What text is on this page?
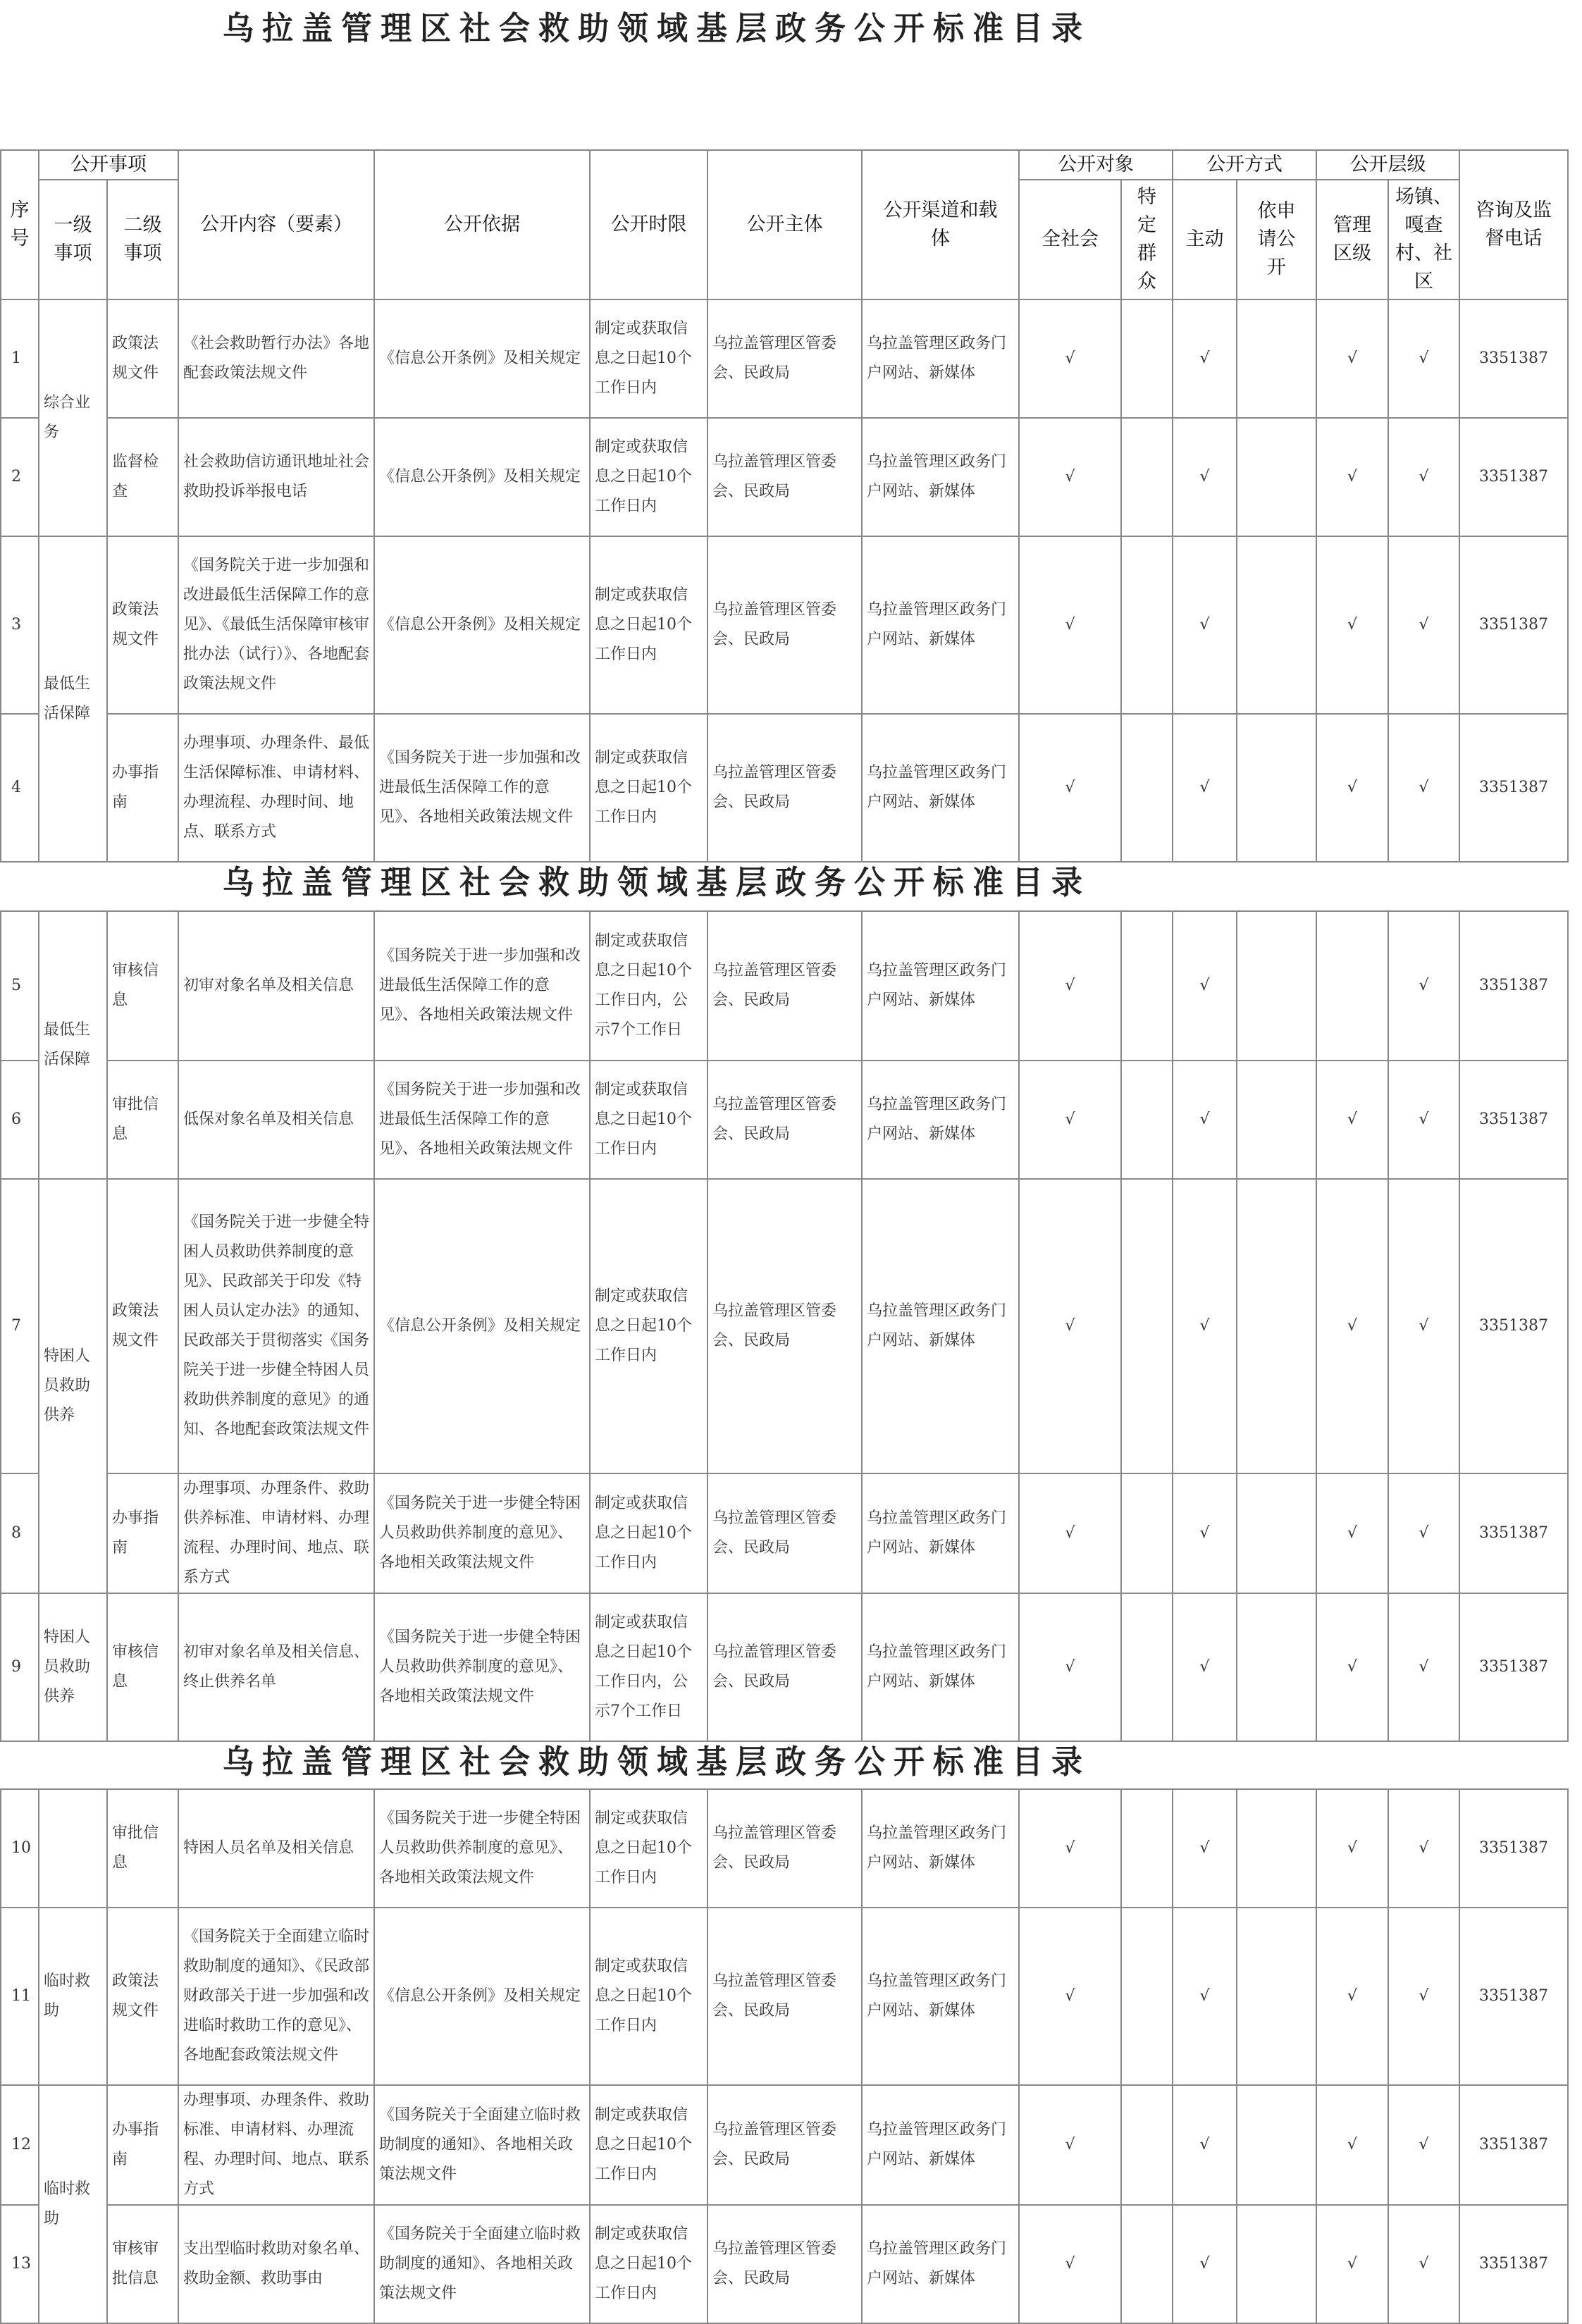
乌拉盖管理区社会救助领域基层政务公开标准目录
乌拉盖管理区社会救助领域基层政务公开标准目录
乌拉盖管理区社会救助领域基层政务公开标准目录
序号	公开事项		公开内容（要素）	公开依据	公开时限	公开主体	公开渠道和载体	公开对象		公开方式		公开层级		咨询及监督电话
	一级事项	二级事项						全社会	特定群众	主动	依申请公开	管理区级	场镇、嘎查村、社区	

1	综合业务	政策法规文件	《社会救助暂行办法》各地配套政策法规文件	《信息公开条例》及相关规定	制定或获取信息之日起10个工作日内	乌拉盖管理区管委会、民政局	乌拉盖管理区政务门户网站、新媒体	√		√		√	√	3351387
2		监督检查	社会救助信访通讯地址社会救助投诉举报电话	《信息公开条例》及相关规定	制定或获取信息之日起10个工作日内	乌拉盖管理区管委会、民政局	乌拉盖管理区政务门户网站、新媒体	√		√		√	√	3351387
3	最低生活保障	政策法规文件	《国务院关于进一步加强和改进最低生活保障工作的意见》、《最低生活保障审核审批办法（试行）》、各地配套政策法规文件	《信息公开条例》及相关规定	制定或获取信息之日起10个工作日内	乌拉盖管理区管委会、民政局	乌拉盖管理区政务门户网站、新媒体	√		√		√	√	3351387
4		办事指南	办理事项、办理条件、最低生活保障标准、申请材料、办理流程、办理时间、地点、联系方式	《国务院关于进一步加强和改进最低生活保障工作的意见》、各地相关政策法规文件	制定或获取信息之日起10个工作日内	乌拉盖管理区管委会、民政局	乌拉盖管理区政务门户网站、新媒体	√		√		√	√	3351387
5	最低生活保障	审核信息	初审对象名单及相关信息	《国务院关于进一步加强和改进最低生活保障工作的意见》、各地相关政策法规文件	制定或获取信息之日起10个工作日内，公示7个工作日	乌拉盖管理区管委会、民政局	乌拉盖管理区政务门户网站、新媒体	√		√			√	3351387
6		审批信息	低保对象名单及相关信息	《国务院关于进一步加强和改进最低生活保障工作的意见》、各地相关政策法规文件	制定或获取信息之日起10个工作日内	乌拉盖管理区管委会、民政局	乌拉盖管理区政务门户网站、新媒体	√		√		√	√	3351387
7	特困人员救助供养	政策法规文件	《国务院关于进一步健全特困人员救助供养制度的意见》、民政部关于印发《特困人员认定办法》的通知、民政部关于贯彻落实《国务院关于进一步健全特困人员救助供养制度的意见》的通知、各地配套政策法规文件	《信息公开条例》及相关规定	制定或获取信息之日起10个工作日内	乌拉盖管理区管委会、民政局	乌拉盖管理区政务门户网站、新媒体	√		√		√	√	3351387
8		办事指南	办理事项、办理条件、救助供养标准、申请材料、办理流程、办理时间、地点、联系方式	《国务院关于进一步健全特困人员救助供养制度的意见》、各地相关政策法规文件	制定或获取信息之日起10个工作日内	乌拉盖管理区管委会、民政局	乌拉盖管理区政务门户网站、新媒体	√		√		√	√	3351387
9	特困人员救助供养	审核信息	初审对象名单及相关信息、终止供养名单	《国务院关于进一步健全特困人员救助供养制度的意见》、各地相关政策法规文件	制定或获取信息之日起10个工作日内，公示7个工作日	乌拉盖管理区管委会、民政局	乌拉盖管理区政务门户网站、新媒体	√		√		√	√	3351387
10		审批信息	特困人员名单及相关信息	《国务院关于进一步健全特困人员救助供养制度的意见》、各地相关政策法规文件	制定或获取信息之日起10个工作日内	乌拉盖管理区管委会、民政局	乌拉盖管理区政务门户网站、新媒体	√		√		√	√	3351387
11	临时救助	政策法规文件	《国务院关于全面建立临时救助制度的通知》、《民政部 财政部关于进一步加强和改进临时救助工作的意见》、各地配套政策法规文件	《信息公开条例》及相关规定	制定或获取信息之日起10个工作日内	乌拉盖管理区管委会、民政局	乌拉盖管理区政务门户网站、新媒体	√		√		√	√	3351387
12	临时救助	办事指南	办理事项、办理条件、救助标准、申请材料、办理流程、办理时间、地点、联系方式	《国务院关于全面建立临时救助制度的通知》、各地相关政策法规文件	制定或获取信息之日起10个工作日内	乌拉盖管理区管委会、民政局	乌拉盖管理区政务门户网站、新媒体	√		√		√	√	3351387
13		审核审批信息	支出型临时救助对象名单、救助金额、救助事由	《国务院关于全面建立临时救助制度的通知》、各地相关政策法规文件	制定或获取信息之日起10个工作日内	乌拉盖管理区管委会、民政局	乌拉盖管理区政务门户网站、新媒体	√		√		√	√	3351387
